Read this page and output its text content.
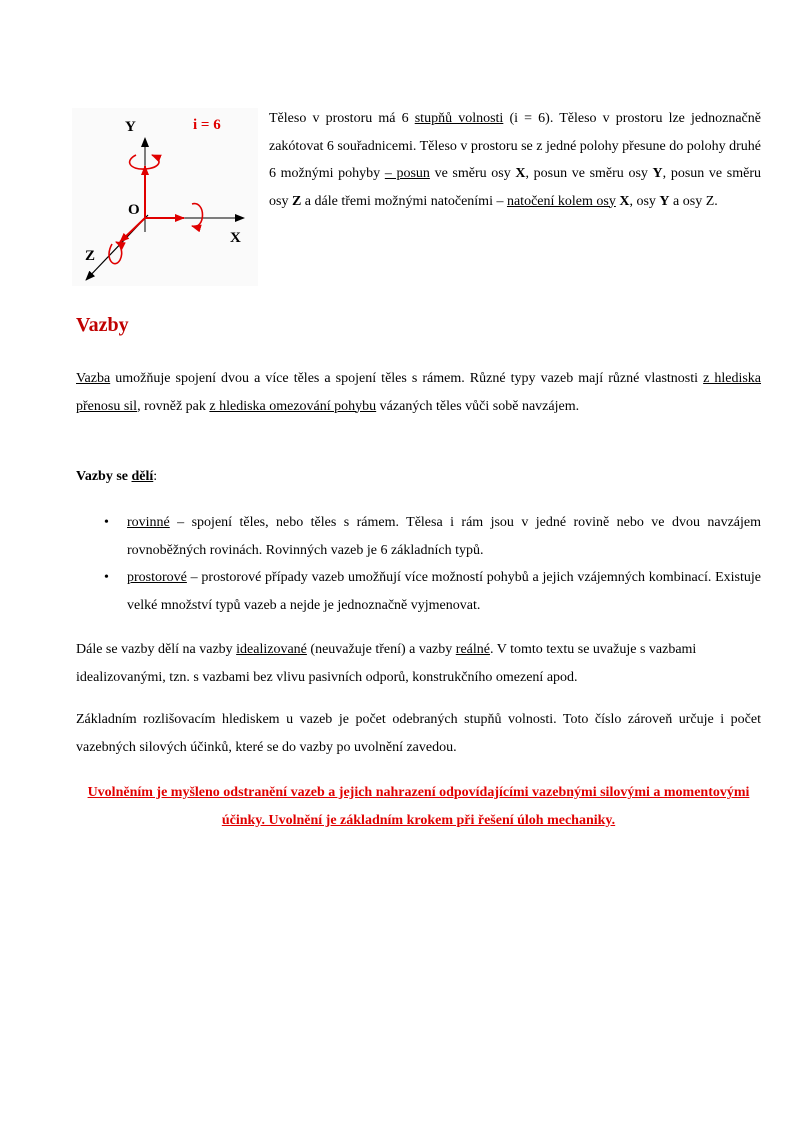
Y
X
Z
O
i = 6	Těleso v prostoru má 6 stupňů volnosti (i = 6). Těleso v prostoru lze jednoznačně zakótovat 6 souřadnicemi. Těleso v prostoru se z jedné polohy přesune do polohy druhé 6 možnými pohyby – posun ve směru osy X, posun ve směru osy Y, posun ve směru osy Z a dále třemi možnými natočeními – natočení kolem osy X, osy Y a osy Z.
Vazby
Vazba umožňuje spojení dvou a více těles a spojení těles s rámem. Různé typy vazeb mají různé vlastnosti z hlediska přenosu sil, rovněž pak z hlediska omezování pohybu vázaných těles vůči sobě navzájem.
Vazby se dělí:
• rovinné – spojení těles, nebo těles s rámem. Tělesa i rám jsou v jedné rovině nebo ve dvou navzájem rovnoběžných rovinách. Rovinných vazeb je 6 základních typů.
• prostorové – prostorové případy vazeb umožňují více možností pohybů a jejich vzájemných kombinací. Existuje velké množství typů vazeb a nejde je jednoznačně vyjmenovat.
Dále se vazby dělí na vazby idealizované (neuvažuje tření) a vazby reálné. V tomto textu se uvažuje s vazbami idealizovanými, tzn. s vazbami bez vlivu pasivních odporů, konstrukčního omezení apod.
Základním rozlišovacím hlediskem u vazeb je počet odebraných stupňů volnosti. Toto číslo zároveň určuje i počet vazebných silových účinků, které se do vazby po uvolnění zavedou.
Uvolněním je myšleno odstranění vazeb a jejich nahrazení odpovídajícími vazebnými silovými a momentovými účinky. Uvolnění je základním krokem při řešení úloh mechaniky.
